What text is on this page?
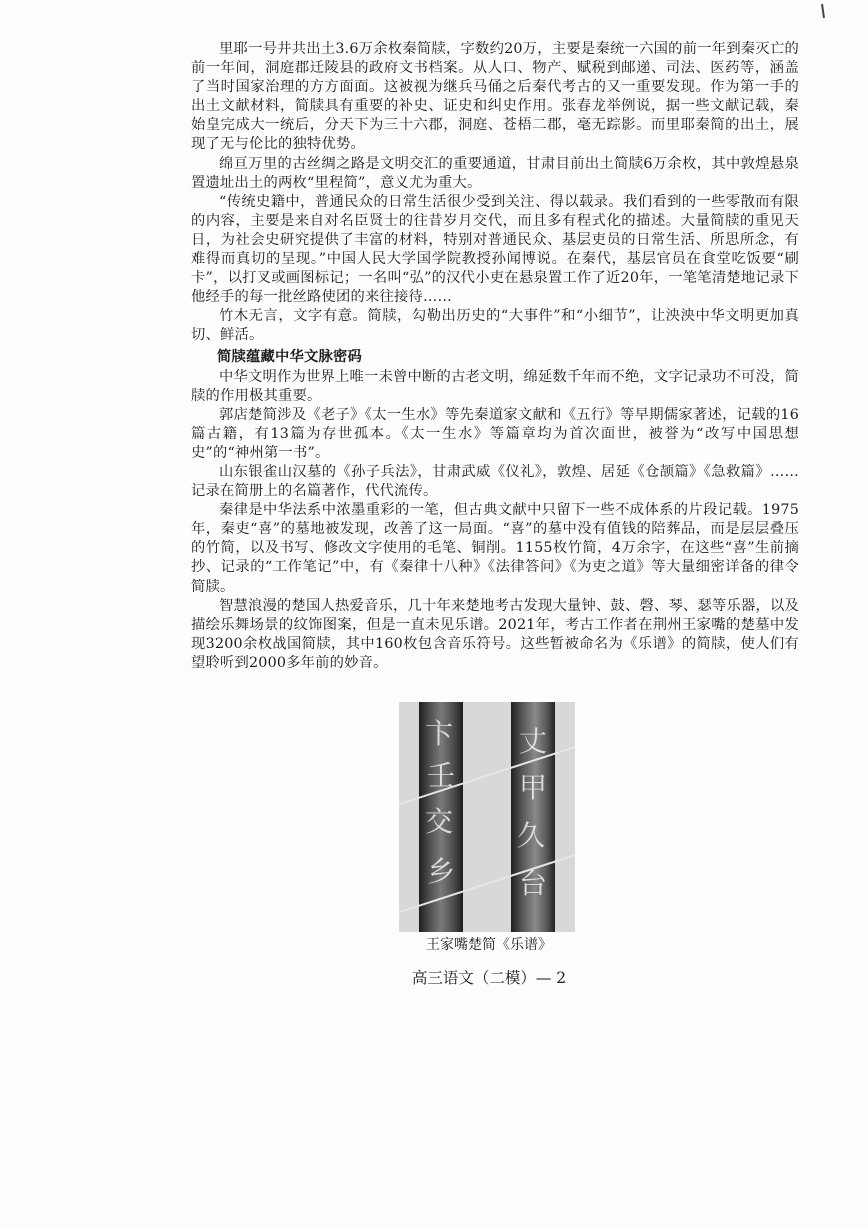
里耶一号井共出土3.6万余枚秦简牍，字数约20万，主要是秦统一六国的前一年到秦灭亡的前一年间，洞庭郡迁陵县的政府文书档案。从人口、物产、赋税到邮递、司法、医药等，涵盖了当时国家治理的方方面面。这被视为继兵马俑之后秦代考古的又一重要发现。作为第一手的出土文献材料，简牍具有重要的补史、证史和纠史作用。张春龙举例说，据一些文献记载，秦始皇完成大一统后，分天下为三十六郡，洞庭、苍梧二郡，毫无踪影。而里耶秦简的出土，展现了无与伦比的独特优势。

绵亘万里的古丝绸之路是文明交汇的重要通道，甘肃目前出土简牍6万余枚，其中敦煌悬泉置遗址出土的两枚“里程简”，意义尤为重大。

“传统史籍中，普通民众的日常生活很少受到关注、得以载录。我们看到的一些零散而有限的内容，主要是来自对名臣贤士的往昔岁月交代，而且多有程式化的描述。大量简牍的重见天日，为社会史研究提供了丰富的材料，特别对普通民众、基层吏员的日常生活、所思所念，有难得而真切的呈现。”中国人民大学国学院教授孙闻博说。在秦代，基层官员在食堂吃饭要“刷卡”，以打叉或画图标记；一名叫“弘”的汉代小吏在悬泉置工作了近20年，一笔笔清楚地记录下他经手的每一批丝路使团的来往接待……

竹木无言，文字有意。简牍，勾勒出历史的“大事件”和“小细节”，让泱泱中华文明更加真切、鲜活。

简牍蕴藏中华文脉密码

中华文明作为世界上唯一未曾中断的古老文明，绵延数千年而不绝，文字记录功不可没，简牍的作用极其重要。

郭店楚简涉及《老子》《太一生水》等先秦道家文献和《五行》等早期儒家著述，记载的16篇古籍，有13篇为存世孤本。《太一生水》等篇章均为首次面世，被誉为“改写中国思想史”的“神州第一书”。

山东银雀山汉墓的《孙子兵法》，甘肃武威《仪礼》，敦煌、居延《仓颉篇》《急救篇》……记录在简册上的名篇著作，代代流传。

秦律是中华法系中浓墨重彩的一笔，但古典文献中只留下一些不成体系的片段记载。1975年，秦吏“喜”的墓地被发现，改善了这一局面。“喜”的墓中没有值钱的陪葬品，而是层层叠压的竹简，以及书写、修改文字使用的毛笔、铜削。1155枚竹简，4万余字，在这些“喜”生前摘抄、记录的“工作笔记”中，有《秦律十八种》《法律答问》《为吏之道》等大量细密详备的律令简牍。

智慧浪漫的楚国人热爱音乐，几十年来楚地考古发现大量钟、鼓、磬、琴、瑟等乐器，以及描绘乐舞场景的纹饰图案，但是一直未见乐谱。2021年，考古工作者在荆州王家嘴的楚墓中发现3200余枚战国简牍，其中160枚包含音乐符号。这些暂被命名为《乐谱》的简牍，使人们有望聆听到2000多年前的妙音。

卞
壬
交
乡
丈
甲
久
台
王家嘴楚简《乐谱》
高三语文（二模）— 2
